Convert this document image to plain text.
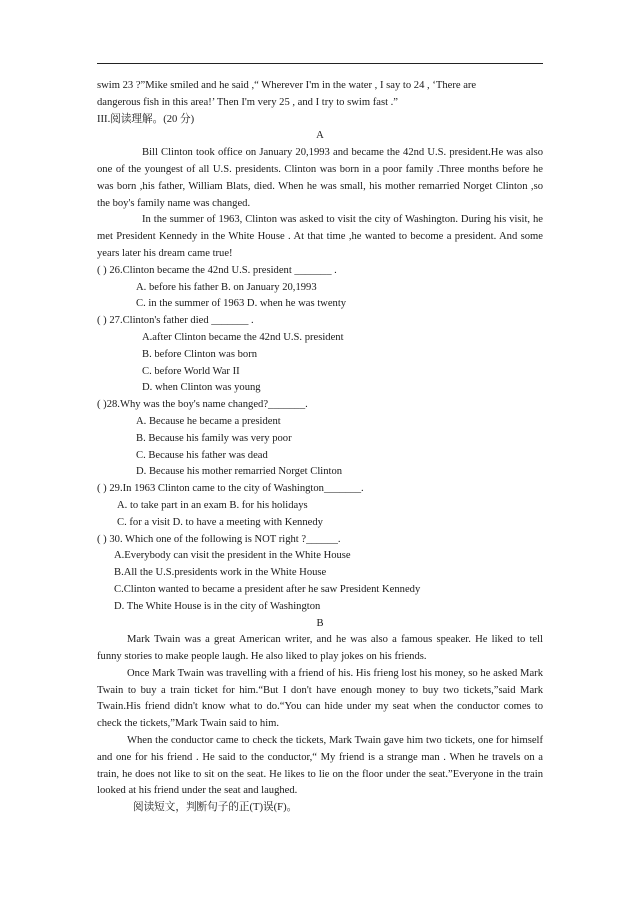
swim 23 ?”Mike smiled and he said ,“ Wherever I'm in the water , I say to 24 , ‘There are

dangerous fish in this area!’ Then I'm very 25 , and I try to swim fast .”

III.阅读理解。(20 分)

A

Bill Clinton took office on January 20,1993 and became the 42nd U.S. president.He was also one of the youngest of all U.S. presidents. Clinton was born in a poor family .Three months before he was born ,his father, William Blats, died. When he was small, his mother remarried Norget Clinton ,so the boy's family name was changed.

In the summer of 1963, Clinton was asked to visit the city of Washington. During his visit, he met President Kennedy in the White House . At that time ,he wanted to become a president. And some years later his dream came true!

( ) 26.Clinton became the 42nd U.S. president _______ .

A. before his father B. on January 20,1993

C. in the summer of 1963 D. when he was twenty

( ) 27.Clinton's father died _______ .

A.after Clinton became the 42nd U.S. president

B. before Clinton was born

C. before World War II

D. when Clinton was young

( )28.Why was the boy's name changed?_______.

A. Because he became a president

B. Because his family was very poor

C. Because his father was dead

D. Because his mother remarried Norget Clinton

( ) 29.In 1963 Clinton came to the city of Washington_______.

A. to take part in an exam B. for his holidays

C. for a visit D. to have a meeting with Kennedy

( ) 30. Which one of the following is NOT right ?______.

A.Everybody can visit the president in the White House

B.All the U.S.presidents work in the White House

C.Clinton wanted to became a president after he saw President Kennedy

D. The White House is in the city of Washington

B

Mark Twain was a great American writer, and he was also a famous speaker. He liked to tell funny stories to make people laugh. He also liked to play jokes on his friends.

Once Mark Twain was travelling with a friend of his. His frieng lost his money, so he asked Mark Twain to buy a train ticket for him.“But I don't have enough money to buy two tickets,”said Mark Twain.His friend didn't know what to do.“You can hide under my seat when the conductor comes to check the tickets,”Mark Twain said to him.

When the conductor came to check the tickets, Mark Twain gave him two tickets, one for himself and one for his friend . He said to the conductor,“ My friend is a strange man . When he travels on a train, he does not like to sit on the seat. He likes to lie on the floor under the seat.”Everyone in the train looked at his friend under the seat and laughed.

阅读短文，判断句子的正(T)误(F)。
